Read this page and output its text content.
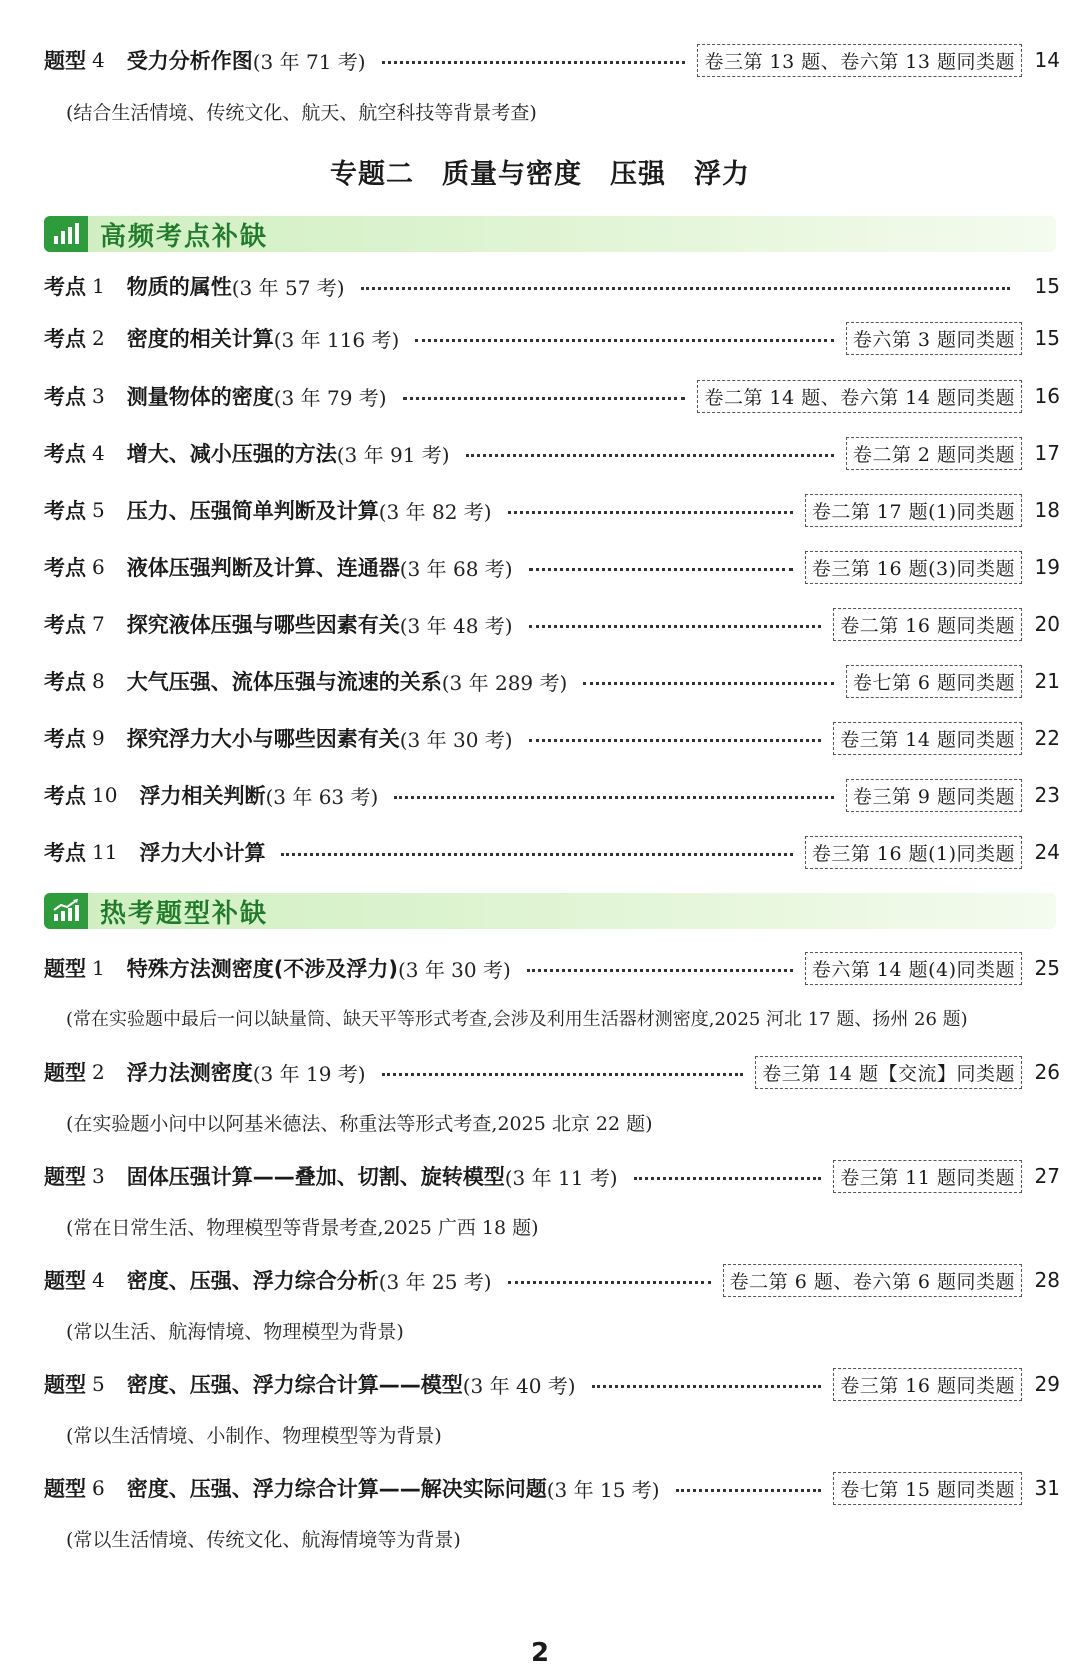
题型 4 受力分析作图 (3 年 71 考)	卷三第 13 题、卷六第 13 题同类题 14
(结合生活情境、传统文化、航天、航空科技等背景考查)
专题二 质量与密度 压强 浮力
高频考点补缺
考点 1 物质的属性 (3 年 57 考)	15
考点 2 密度的相关计算 (3 年 116 考)	卷六第 3 题同类题 15
考点 3 测量物体的密度 (3 年 79 考)	卷二第 14 题、卷六第 14 题同类题 16
考点 4 增大、减小压强的方法 (3 年 91 考)	卷二第 2 题同类题 17
考点 5 压力、压强简单判断及计算 (3 年 82 考)	卷二第 17 题(1)同类题 18
考点 6 液体压强判断及计算、连通器 (3 年 68 考)	卷三第 16 题(3)同类题 19
考点 7 探究液体压强与哪些因素有关 (3 年 48 考)	卷二第 16 题同类题 20
考点 8 大气压强、流体压强与流速的关系 (3 年 289 考)	卷七第 6 题同类题 21
考点 9 探究浮力大小与哪些因素有关 (3 年 30 考)	卷三第 14 题同类题 22
考点 10 浮力相关判断 (3 年 63 考)	卷三第 9 题同类题 23
考点 11 浮力大小计算	卷三第 16 题(1)同类题 24
热考题型补缺
题型 1 特殊方法测密度(不涉及浮力) (3 年 30 考)	卷六第 14 题(4)同类题 25
(常在实验题中最后一问以缺量筒、缺天平等形式考查,会涉及利用生活器材测密度,2025 河北 17 题、扬州 26 题)
题型 2 浮力法测密度 (3 年 19 考)	卷三第 14 题【交流】同类题 26
(在实验题小问中以阿基米德法、称重法等形式考查,2025 北京 22 题)
题型 3 固体压强计算——叠加、切割、旋转模型 (3 年 11 考)	卷三第 11 题同类题 27
(常在日常生活、物理模型等背景考查,2025 广西 18 题)
题型 4 密度、压强、浮力综合分析 (3 年 25 考)	卷二第 6 题、卷六第 6 题同类题 28
(常以生活、航海情境、物理模型为背景)
题型 5 密度、压强、浮力综合计算——模型 (3 年 40 考)	卷三第 16 题同类题 29
(常以生活情境、小制作、物理模型等为背景)
题型 6 密度、压强、浮力综合计算——解决实际问题 (3 年 15 考)	卷七第 15 题同类题 31
(常以生活情境、传统文化、航海情境等为背景)
2
